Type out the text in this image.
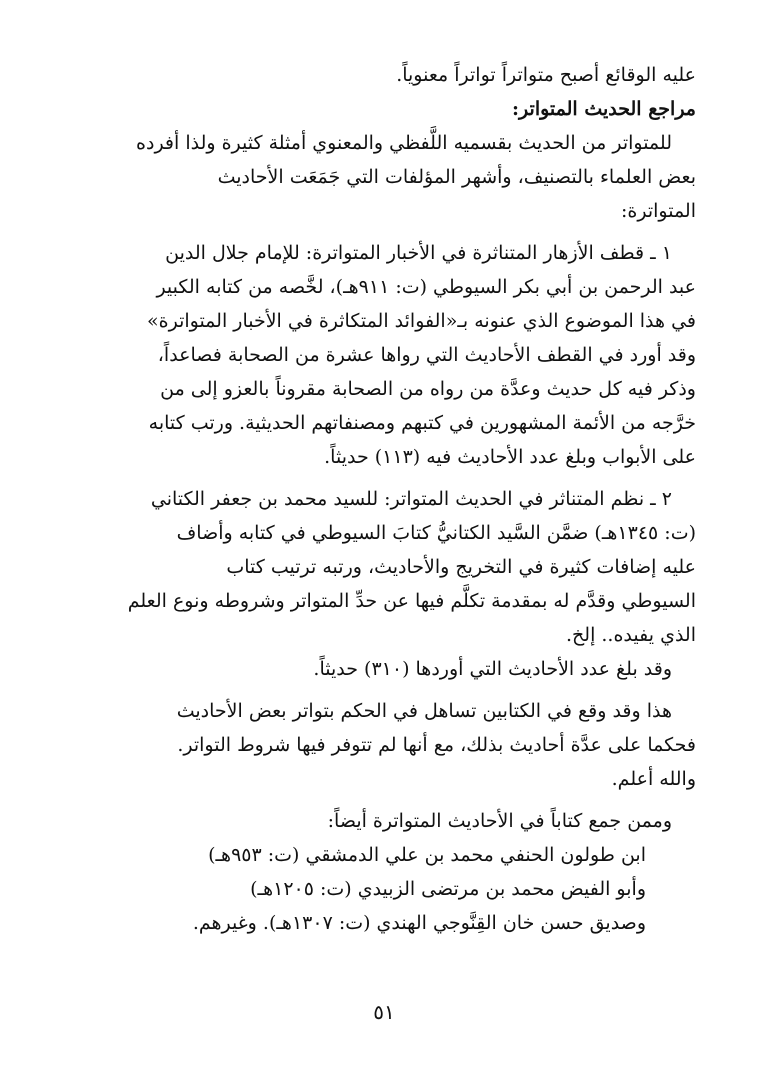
عليه الوقائع أصبح متواتراً تواتراً معنوياً.

مراجع الحديث المتواتر:

للمتواتر من الحديث بقسميه اللَّفظي والمعنوي أمثلة كثيرة ولذا أفرده

بعض العلماء بالتصنيف، وأشهر المؤلفات التي جَمَعَت الأحاديث

المتواترة:

١ ـ قطف الأزهار المتناثرة في الأخبار المتواترة: للإمام جلال الدين

عبد الرحمن بن أبي بكر السيوطي (ت: ٩١١هـ)، لخَّصه من كتابه الكبير

في هذا الموضوع الذي عنونه بـ«الفوائد المتكاثرة في الأخبار المتواترة»

وقد أورد في القطف الأحاديث التي رواها عشرة من الصحابة فصاعداً،

وذكر فيه كل حديث وعدَّة من رواه من الصحابة مقروناً بالعزو إلى من

خرَّجه من الأئمة المشهورين في كتبهم ومصنفاتهم الحديثية. ورتب كتابه

على الأبواب وبلغ عدد الأحاديث فيه (١١٣) حديثاً.

٢ ـ نظم المتناثر في الحديث المتواتر: للسيد محمد بن جعفر الكتاني

(ت: ١٣٤٥هـ) ضمَّن السَّيد الكتانيُّ كتابَ السيوطي في كتابه وأضاف

عليه إضافات كثيرة في التخريج والأحاديث، ورتبه ترتيب كتاب

السيوطي وقدَّم له بمقدمة تكلَّم فيها عن حدِّ المتواتر وشروطه ونوع العلم

الذي يفيده.. إلخ.

وقد بلغ عدد الأحاديث التي أوردها (٣١٠) حديثاً.

هذا وقد وقع في الكتابين تساهل في الحكم بتواتر بعض الأحاديث

فحكما على عدَّة أحاديث بذلك، مع أنها لم تتوفر فيها شروط التواتر.

والله أعلم.

وممن جمع كتاباً في الأحاديث المتواترة أيضاً:

ابن طولون الحنفي محمد بن علي الدمشقي (ت: ٩٥٣هـ)

وأبو الفيض محمد بن مرتضى الزبيدي (ت: ١٢٠٥هـ)

وصديق حسن خان القِنَّوجي الهندي (ت: ١٣٠٧هـ). وغيرهم.

٥١
